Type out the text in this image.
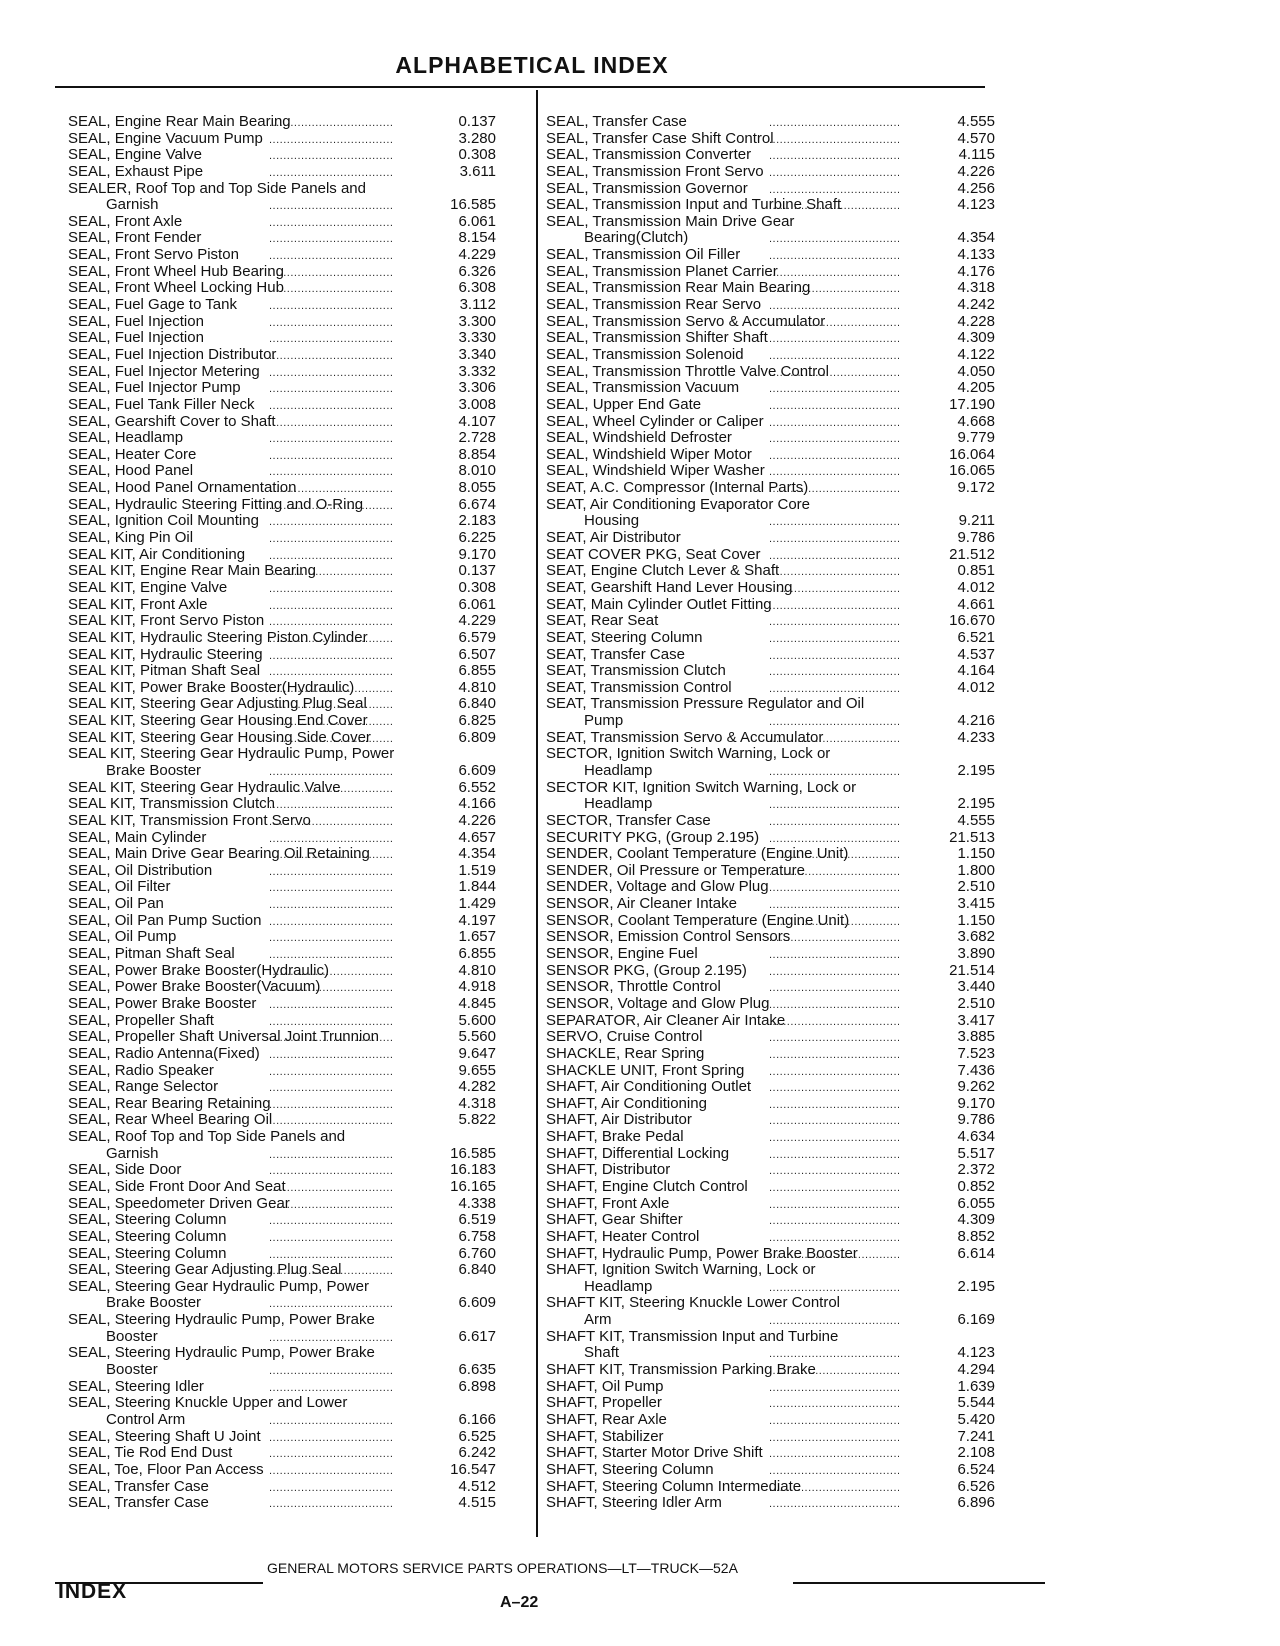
ALPHABETICAL INDEX
SEAL, Engine Rear Main Bearing .....	0.137
SEAL, Engine Vacuum Pump .....	3.280
SEAL, Engine Valve .....	0.308
SEAL, Exhaust Pipe .....	3.611
SEALER, Roof Top and Top Side Panels and
Garnish .....	16.585
SEAL, Front Axle .....	6.061
SEAL, Front Fender .....	8.154
SEAL, Front Servo Piston .....	4.229
SEAL, Front Wheel Hub Bearing .....	6.326
SEAL, Front Wheel Locking Hub .....	6.308
SEAL, Fuel Gage to Tank .....	3.112
SEAL, Fuel Injection .....	3.300
SEAL, Fuel Injection .....	3.330
SEAL, Fuel Injection Distributor .....	3.340
SEAL, Fuel Injector Metering .....	3.332
SEAL, Fuel Injector Pump .....	3.306
SEAL, Fuel Tank Filler Neck .....	3.008
SEAL, Gearshift Cover to Shaft .....	4.107
SEAL, Headlamp .....	2.728
SEAL, Heater Core .....	8.854
SEAL, Hood Panel .....	8.010
SEAL, Hood Panel Ornamentation .....	8.055
SEAL, Hydraulic Steering Fitting and O-Ring .....	6.674
SEAL, Ignition Coil Mounting .....	2.183
SEAL, King Pin Oil .....	6.225
SEAL KIT, Air Conditioning .....	9.170
SEAL KIT, Engine Rear Main Bearing .....	0.137
SEAL KIT, Engine Valve .....	0.308
SEAL KIT, Front Axle .....	6.061
SEAL KIT, Front Servo Piston .....	4.229
SEAL KIT, Hydraulic Steering Piston Cylinder .....	6.579
SEAL KIT, Hydraulic Steering .....	6.507
SEAL KIT, Pitman Shaft Seal .....	6.855
SEAL KIT, Power Brake Booster(Hydraulic) .....	4.810
SEAL KIT, Steering Gear Adjusting Plug Seal .....	6.840
SEAL KIT, Steering Gear Housing End Cover .....	6.825
SEAL KIT, Steering Gear Housing Side Cover .....	6.809
SEAL KIT, Steering Gear Hydraulic Pump, Power
Brake Booster .....	6.609
SEAL KIT, Steering Gear Hydraulic Valve .....	6.552
SEAL KIT, Transmission Clutch .....	4.166
SEAL KIT, Transmission Front Servo .....	4.226
SEAL, Main Cylinder .....	4.657
SEAL, Main Drive Gear Bearing Oil Retaining .....	4.354
SEAL, Oil Distribution .....	1.519
SEAL, Oil Filter .....	1.844
SEAL, Oil Pan .....	1.429
SEAL, Oil Pan Pump Suction .....	4.197
SEAL, Oil Pump .....	1.657
SEAL, Pitman Shaft Seal .....	6.855
SEAL, Power Brake Booster(Hydraulic) .....	4.810
SEAL, Power Brake Booster(Vacuum) .....	4.918
SEAL, Power Brake Booster .....	4.845
SEAL, Propeller Shaft .....	5.600
SEAL, Propeller Shaft Universal Joint Trunnion .....	5.560
SEAL, Radio Antenna(Fixed) .....	9.647
SEAL, Radio Speaker .....	9.655
SEAL, Range Selector .....	4.282
SEAL, Rear Bearing Retaining .....	4.318
SEAL, Rear Wheel Bearing Oil .....	5.822
SEAL, Roof Top and Top Side Panels and
Garnish .....	16.585
SEAL, Side Door .....	16.183
SEAL, Side Front Door And Seat .....	16.165
SEAL, Speedometer Driven Gear .....	4.338
SEAL, Steering Column .....	6.519
SEAL, Steering Column .....	6.758
SEAL, Steering Column .....	6.760
SEAL, Steering Gear Adjusting Plug Seal .....	6.840
SEAL, Steering Gear Hydraulic Pump, Power
Brake Booster .....	6.609
SEAL, Steering Hydraulic Pump, Power Brake
Booster .....	6.617
SEAL, Steering Hydraulic Pump, Power Brake
Booster .....	6.635
SEAL, Steering Idler .....	6.898
SEAL, Steering Knuckle Upper and Lower
Control Arm .....	6.166
SEAL, Steering Shaft U Joint .....	6.525
SEAL, Tie Rod End Dust .....	6.242
SEAL, Toe, Floor Pan Access .....	16.547
SEAL, Transfer Case .....	4.512
SEAL, Transfer Case .....	4.515
SEAL, Transfer Case .....	4.555
SEAL, Transfer Case Shift Control .....	4.570
SEAL, Transmission Converter .....	4.115
SEAL, Transmission Front Servo .....	4.226
SEAL, Transmission Governor .....	4.256
SEAL, Transmission Input and Turbine Shaft .....	4.123
SEAL, Transmission Main Drive Gear
Bearing(Clutch) .....	4.354
SEAL, Transmission Oil Filler .....	4.133
SEAL, Transmission Planet Carrier .....	4.176
SEAL, Transmission Rear Main Bearing .....	4.318
SEAL, Transmission Rear Servo .....	4.242
SEAL, Transmission Servo & Accumulator .....	4.228
SEAL, Transmission Shifter Shaft .....	4.309
SEAL, Transmission Solenoid .....	4.122
SEAL, Transmission Throttle Valve Control .....	4.050
SEAL, Transmission Vacuum .....	4.205
SEAL, Upper End Gate .....	17.190
SEAL, Wheel Cylinder or Caliper .....	4.668
SEAL, Windshield Defroster .....	9.779
SEAL, Windshield Wiper Motor .....	16.064
SEAL, Windshield Wiper Washer .....	16.065
SEAT, A.C. Compressor (Internal Parts) .....	9.172
SEAT, Air Conditioning Evaporator Core
Housing .....	9.211
SEAT, Air Distributor .....	9.786
SEAT COVER PKG, Seat Cover .....	21.512
SEAT, Engine Clutch Lever & Shaft .....	0.851
SEAT, Gearshift Hand Lever Housing .....	4.012
SEAT, Main Cylinder Outlet Fitting .....	4.661
SEAT, Rear Seat .....	16.670
SEAT, Steering Column .....	6.521
SEAT, Transfer Case .....	4.537
SEAT, Transmission Clutch .....	4.164
SEAT, Transmission Control .....	4.012
SEAT, Transmission Pressure Regulator and Oil
Pump .....	4.216
SEAT, Transmission Servo & Accumulator .....	4.233
SECTOR, Ignition Switch Warning, Lock or
Headlamp .....	2.195
SECTOR KIT, Ignition Switch Warning, Lock or
Headlamp .....	2.195
SECTOR, Transfer Case .....	4.555
SECURITY PKG, (Group 2.195) .....	21.513
SENDER, Coolant Temperature (Engine Unit) .....	1.150
SENDER, Oil Pressure or Temperature .....	1.800
SENDER, Voltage and Glow Plug .....	2.510
SENSOR, Air Cleaner Intake .....	3.415
SENSOR, Coolant Temperature (Engine Unit) .....	1.150
SENSOR, Emission Control Sensors .....	3.682
SENSOR, Engine Fuel .....	3.890
SENSOR PKG, (Group 2.195) .....	21.514
SENSOR, Throttle Control .....	3.440
SENSOR, Voltage and Glow Plug .....	2.510
SEPARATOR, Air Cleaner Air Intake .....	3.417
SERVO, Cruise Control .....	3.885
SHACKLE, Rear Spring .....	7.523
SHACKLE UNIT, Front Spring .....	7.436
SHAFT, Air Conditioning Outlet .....	9.262
SHAFT, Air Conditioning .....	9.170
SHAFT, Air Distributor .....	9.786
SHAFT, Brake Pedal .....	4.634
SHAFT, Differential Locking .....	5.517
SHAFT, Distributor .....	2.372
SHAFT, Engine Clutch Control .....	0.852
SHAFT, Front Axle .....	6.055
SHAFT, Gear Shifter .....	4.309
SHAFT, Heater Control .....	8.852
SHAFT, Hydraulic Pump, Power Brake Booster .....	6.614
SHAFT, Ignition Switch Warning, Lock or
Headlamp .....	2.195
SHAFT KIT, Steering Knuckle Lower Control
Arm .....	6.169
SHAFT KIT, Transmission Input and Turbine
Shaft .....	4.123
SHAFT KIT, Transmission Parking Brake .....	4.294
SHAFT, Oil Pump .....	1.639
SHAFT, Propeller .....	5.544
SHAFT, Rear Axle .....	5.420
SHAFT, Stabilizer .....	7.241
SHAFT, Starter Motor Drive Shift .....	2.108
SHAFT, Steering Column .....	6.524
SHAFT, Steering Column Intermediate .....	6.526
SHAFT, Steering Idler Arm .....	6.896
GENERAL MOTORS SERVICE PARTS OPERATIONS—LT—TRUCK—52A
INDEX	A–22
